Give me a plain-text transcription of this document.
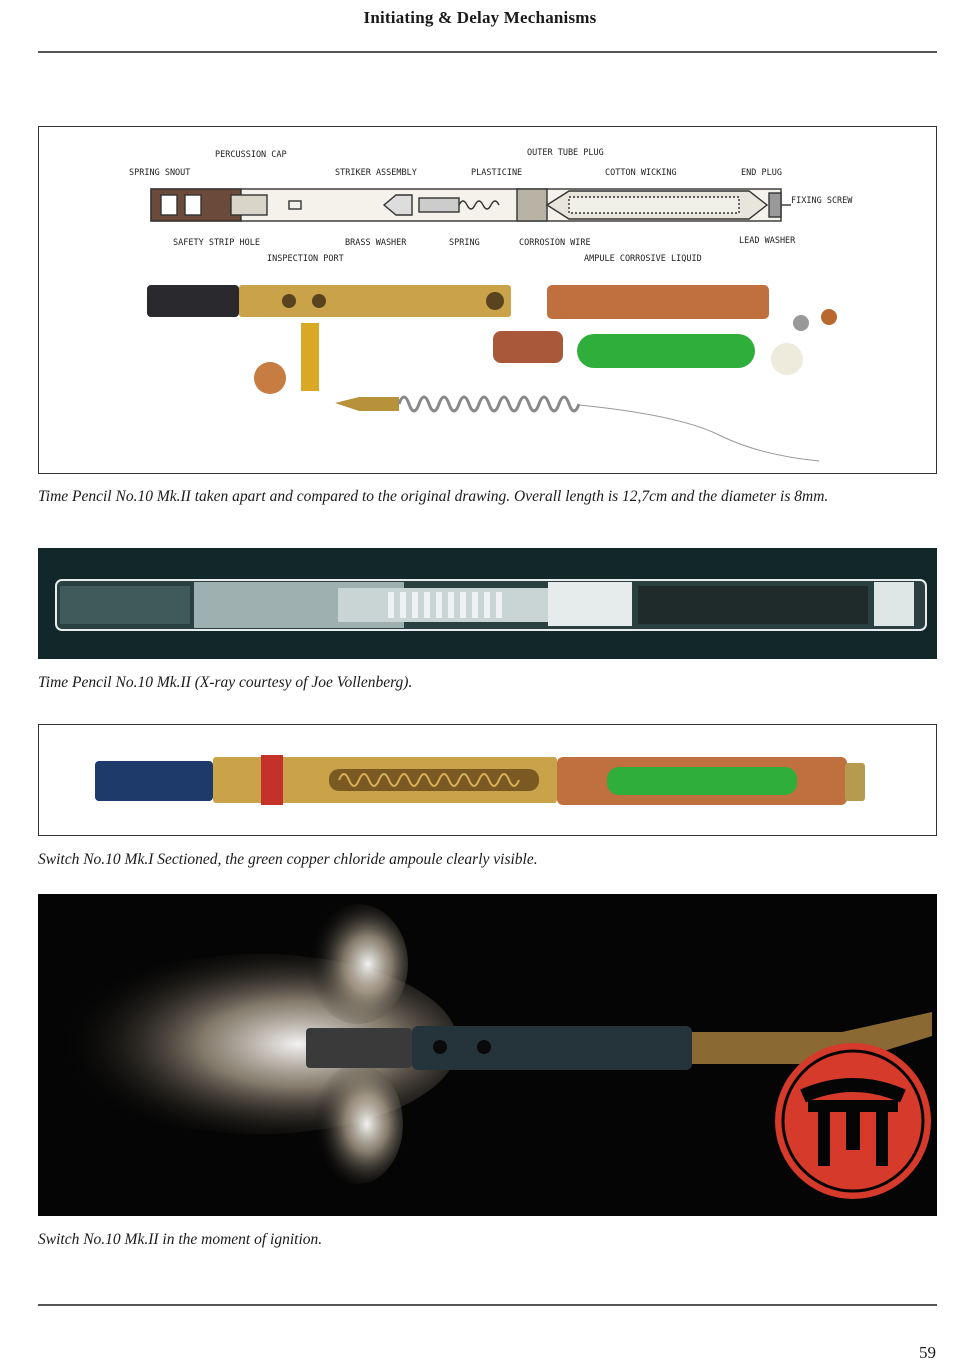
Initiating & Delay Mechanisms
PERCUSSION CAP
SPRING SNOUT	STRIKER ASSEMBLY	PLASTICINE
OUTER TUBE PLUG
COTTON WICKING	END PLUG
FIXING SCREW
SAFETY STRIP HOLE
INSPECTION PORT
BRASS WASHER	SPRING	CORROSION WIRE
AMPULE CORROSIVE LIQUID
LEAD WASHER
Time Pencil No.10 Mk.II taken apart and compared to the original drawing. Overall length is 12,7cm and the diameter is 8mm.
Time Pencil No.10 Mk.II (X-ray courtesy of Joe Vollenberg).
Switch No.10 Mk.I Sectioned, the green copper chloride ampoule clearly visible.
Switch No.10 Mk.II in the moment of ignition.
59
